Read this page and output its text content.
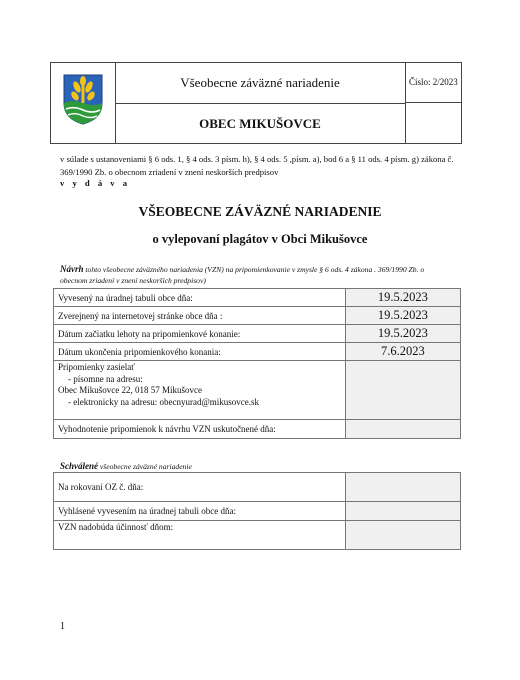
Všeobecne záväzné nariadenie	Číslo: 2/2023
OBEC MIKUŠOVCE
v súlade s ustanoveniami § 6 ods. 1, § 4 ods. 3 písm. h), § 4 ods. 5 ,písm. a), bod 6 a § 11 ods. 4 písm. g) zákona č. 369/1990 Zb. o obecnom zriadení v znení neskorších predpisov
v y d á v a
VŠEOBECNE ZÁVÄZNÉ NARIADENIE
o vylepovaní plagátov v Obci Mikušovce
Návrh tohto všeobecne záväzného nariadenia (VZN) na pripomienkovanie v zmysle § 6 ods. 4 zákona . 369/1990 Zb. o obecnom zriadení v znení neskorších predpisov)
Vyvesený na úradnej tabuli obce dňa:	19.5.2023
Zverejnený na internetovej stránke obce dňa :	19.5.2023
Dátum začiatku lehoty na pripomienkové konanie:	19.5.2023
Dátum ukončenia pripomienkového konania:	7.6.2023

Pripomienky zasielať
- písomne na adresu:
Obec Mikušovce 22, 018 57 Mikušovce
- elektronicky na adresu: obecnyurad@mikusovce.sk	

Vyhodnotenie pripomienok k návrhu VZN uskutočnené dňa:	
Schválené všeobecne záväzné nariadenie
Na rokovaní OZ č. dňa:	
Vyhlásené vyvesením na úradnej tabuli obce dňa:	
VZN nadobúda účinnosť dňom:	
1
